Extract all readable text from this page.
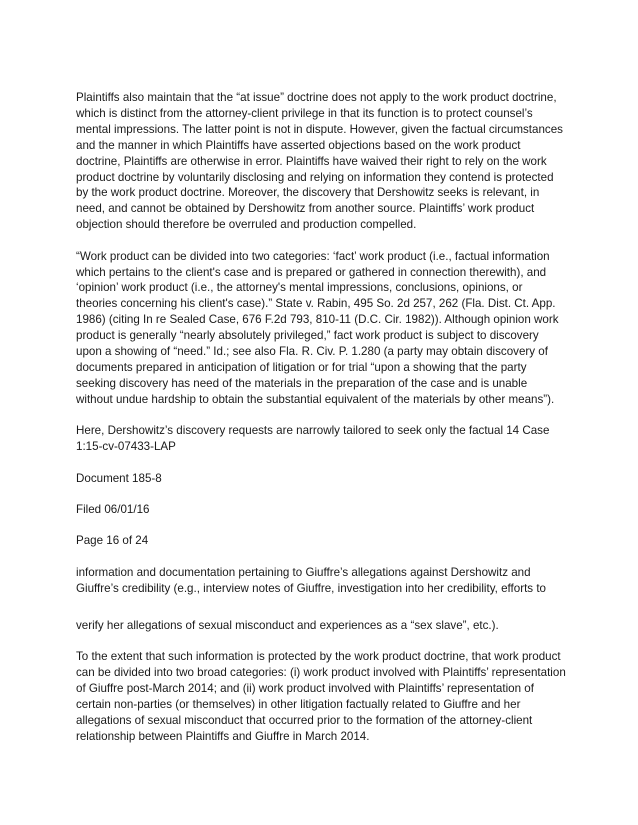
Plaintiffs also maintain that the “at issue” doctrine does not apply to the work product doctrine, which is distinct from the attorney-client privilege in that its function is to protect counsel’s mental impressions. The latter point is not in dispute. However, given the factual circumstances and the manner in which Plaintiffs have asserted objections based on the work product doctrine, Plaintiffs are otherwise in error. Plaintiffs have waived their right to rely on the work product doctrine by voluntarily disclosing and relying on information they contend is protected by the work product doctrine. Moreover, the discovery that Dershowitz seeks is relevant, in need, and cannot be obtained by Dershowitz from another source. Plaintiffs’ work product objection should therefore be overruled and production compelled.

“Work product can be divided into two categories: ‘fact’ work product (i.e., factual information which pertains to the client's case and is prepared or gathered in connection therewith), and ‘opinion’ work product (i.e., the attorney's mental impressions, conclusions, opinions, or theories concerning his client's case).” State v. Rabin, 495 So. 2d 257, 262 (Fla. Dist. Ct. App. 1986) (citing In re Sealed Case, 676 F.2d 793, 810-11 (D.C. Cir. 1982)). Although opinion work product is generally “nearly absolutely privileged,” fact work product is subject to discovery upon a showing of “need.” Id.; see also Fla. R. Civ. P. 1.280 (a party may obtain discovery of documents prepared in anticipation of litigation or for trial “upon a showing that the party seeking discovery has need of the materials in the preparation of the case and is unable without undue hardship to obtain the substantial equivalent of the materials by other means”).

Here, Dershowitz’s discovery requests are narrowly tailored to seek only the factual 14 Case 1:15-cv-07433-LAP

Document 185-8

Filed 06/01/16

Page 16 of 24

information and documentation pertaining to Giuffre’s allegations against Dershowitz and Giuffre’s credibility (e.g., interview notes of Giuffre, investigation into her credibility, efforts to

verify her allegations of sexual misconduct and experiences as a “sex slave”, etc.).

To the extent that such information is protected by the work product doctrine, that work product can be divided into two broad categories: (i) work product involved with Plaintiffs’ representation of Giuffre post-March 2014; and (ii) work product involved with Plaintiffs’ representation of certain non-parties (or themselves) in other litigation factually related to Giuffre and her allegations of sexual misconduct that occurred prior to the formation of the attorney-client relationship between Plaintiffs and Giuffre in March 2014.
